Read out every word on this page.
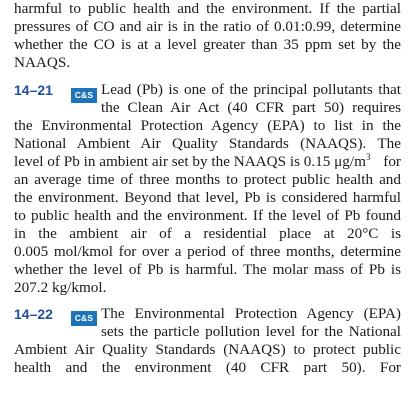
harmful to public health and the environment. If the partial
pressures of CO and air is in the ratio of 0.01:0.99, determine
whether the CO is at a level greater than 35 ppm set by the
NAAQS.
14–21	C&S Lead (Pb) is one of the principal pollutants that
the Clean Air Act (40 CFR part 50) requires
the Environmental Protection Agency (EPA) to list in the
National Ambient Air Quality Standards (NAAQS). The
level of Pb in ambient air set by the NAAQS is 0.15 $\mu g/m^3$ for
an average time of three months to protect public health and
the environment. Beyond that level, Pb is considered harmful
to public health and the environment. If the level of Pb found
in the ambient air of a residential place at 20°C is
0.005 mol/kmol for over a period of three months, determine
whether the level of Pb is harmful. The molar mass of Pb is
207.2 kg/kmol.
14–22	C&S The Environmental Protection Agency (EPA)
sets the particle pollution level for the National
Ambient Air Quality Standards (NAAQS) to protect public
health and the environment (40 CFR part 50). For
